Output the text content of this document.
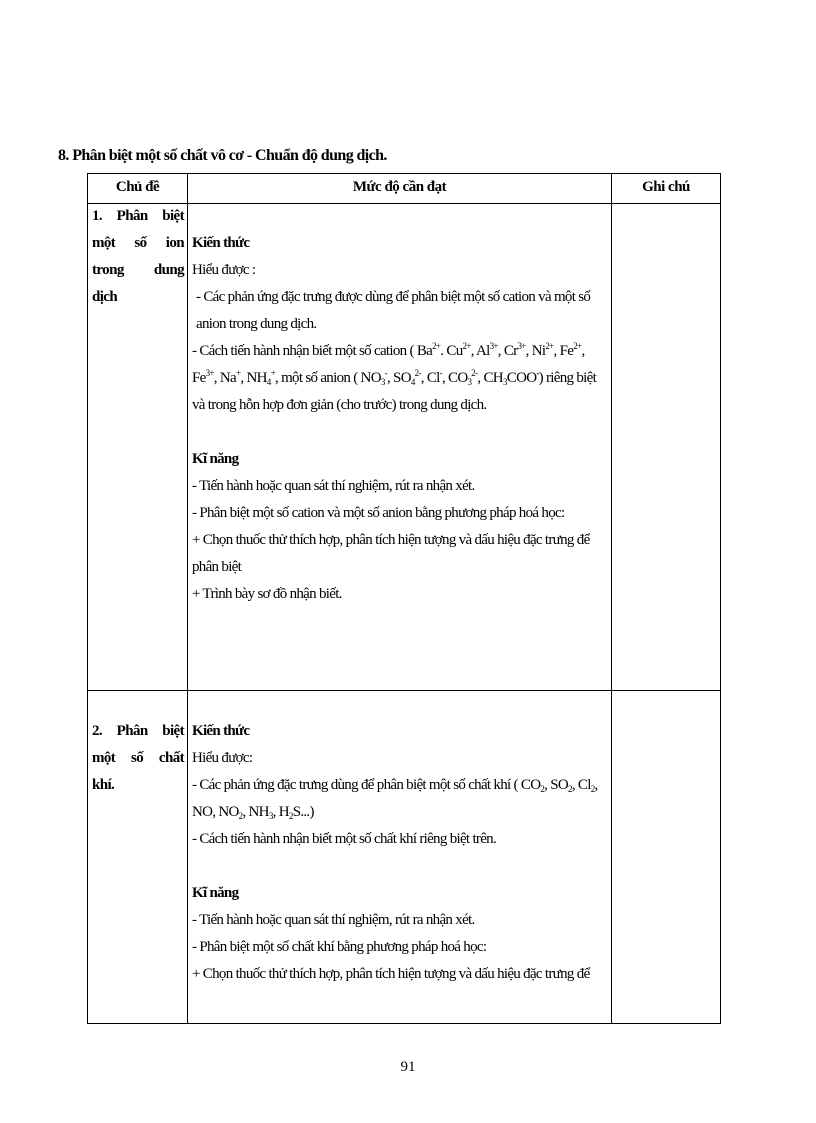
8. Phân biệt một số chất vô cơ - Chuẩn độ dung dịch.
Chủ đề	Mức độ cần đạt	Ghi chú
1. Phân biệt một số ion trong dung dịch

Kiến thức

Hiểu được :

- Các phản ứng đặc trưng được dùng để phân biệt một số cation và một số anion trong dung dịch.

- Cách tiến hành nhận biết một số cation ( $Ba^{2+}$. $Cu^{2+}$, $Al^{3+}$, $Cr^{3+}$, $Ni^{2+}$, $Fe^{2+}$, $Fe^{3+}$, Na+, $NH_4^+$, một số anion ( $NO_3^-$, $SO_4^{2-}$, Cl-, $CO_3^{2-}$, $CH_3COO^-$) riêng biệt và trong hỗn hợp đơn giản (cho trước) trong dung dịch.

Kĩ năng

- Tiến hành hoặc quan sát thí nghiệm, rút ra nhận xét.

- Phân biệt một số cation và một số anion bằng phương pháp hoá học:

+ Chọn thuốc thử thích hợp, phân tích hiện tượng và dấu hiệu đặc trưng để phân biệt

+ Trình bày sơ đồ nhận biết.

2. Phân biệt một số chất khí.

Kiến thức

Hiểu được:

- Các phản ứng đặc trưng dùng để phân biệt một số chất khí ( $CO_2$, $SO_2$, $Cl_2$, NO, $NO_2$, $NH_3$, $H_2S$...)

- Cách tiến hành nhận biết một số chất khí riêng biệt trên.

Kĩ năng

- Tiến hành hoặc quan sát thí nghiệm, rút ra nhận xét.

- Phân biệt một số chất khí bằng phương pháp hoá học:

+ Chọn thuốc thử thích hợp, phân tích hiện tượng và dấu hiệu đặc trưng để

91
